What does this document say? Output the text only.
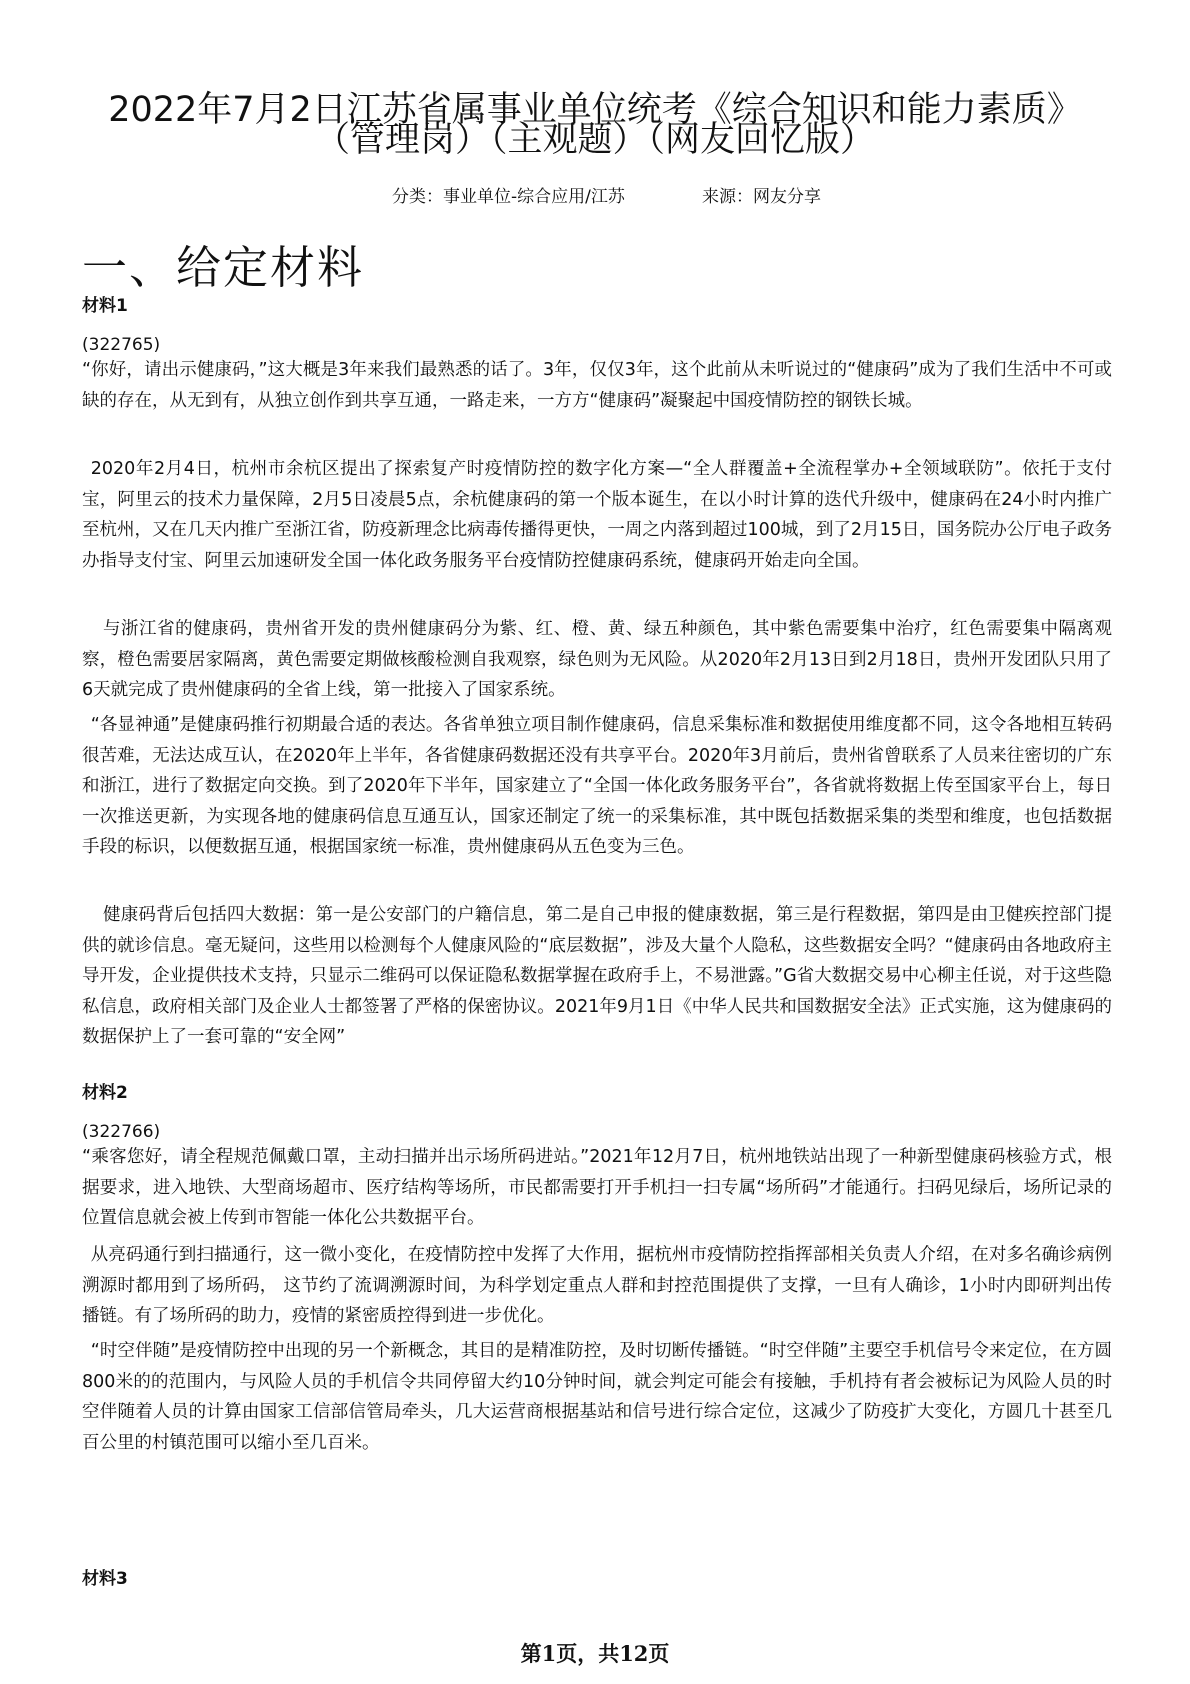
2022年7月2日江苏省属事业单位统考《综合知识和能力素质》
（管理岗）（主观题）（网友回忆版）
分类：事业单位-综合应用/江苏	来源：网友分享
一、给定材料
材料1
(322765)
“你好，请出示健康码，”这大概是3年来我们最熟悉的话了。3年，仅仅3年，这个此前从未听说过的“健康码”成为了我们生活中不可或缺的存在，从无到有，从独立创作到共享互通，一路走来，一方方“健康码”凝聚起中国疫情防控的钢铁长城。
2020年2月4日，杭州市余杭区提出了探索复产时疫情防控的数字化方案—“全人群覆盖+全流程掌办+全领域联防”。依托于支付宝，阿里云的技术力量保障，2月5日凌晨5点，余杭健康码的第一个版本诞生，在以小时计算的迭代升级中，健康码在24小时内推广至杭州，又在几天内推广至浙江省，防疫新理念比病毒传播得更快，一周之内落到超过100城，到了2月15日，国务院办公厅电子政务办指导支付宝、阿里云加速研发全国一体化政务服务平台疫情防控健康码系统，健康码开始走向全国。
与浙江省的健康码，贵州省开发的贵州健康码分为紫、红、橙、黄、绿五种颜色，其中紫色需要集中治疗，红色需要集中隔离观察，橙色需要居家隔离，黄色需要定期做核酸检测自我观察，绿色则为无风险。从2020年2月13日到2月18日，贵州开发团队只用了6天就完成了贵州健康码的全省上线，第一批接入了国家系统。
“各显神通”是健康码推行初期最合适的表达。各省单独立项目制作健康码，信息采集标准和数据使用维度都不同，这令各地相互转码很苦难，无法达成互认，在2020年上半年，各省健康码数据还没有共享平台。2020年3月前后，贵州省曾联系了人员来往密切的广东和浙江，进行了数据定向交换。到了2020年下半年，国家建立了“全国一体化政务服务平台”，各省就将数据上传至国家平台上，每日一次推送更新，为实现各地的健康码信息互通互认，国家还制定了统一的采集标准，其中既包括数据采集的类型和维度，也包括数据手段的标识，以便数据互通，根据国家统一标准，贵州健康码从五色变为三色。
健康码背后包括四大数据：第一是公安部门的户籍信息，第二是自己申报的健康数据，第三是行程数据，第四是由卫健疾控部门提供的就诊信息。毫无疑问，这些用以检测每个人健康风险的“底层数据”，涉及大量个人隐私，这些数据安全吗？“健康码由各地政府主导开发，企业提供技术支持，只显示二维码可以保证隐私数据掌握在政府手上，不易泄露。”G省大数据交易中心柳主任说，对于这些隐私信息，政府相关部门及企业人士都签署了严格的保密协议。2021年9月1日《中华人民共和国数据安全法》正式实施，这为健康码的数据保护上了一套可靠的“安全网”
材料2
(322766)
“乘客您好，请全程规范佩戴口罩，主动扫描并出示场所码进站。”2021年12月7日，杭州地铁站出现了一种新型健康码核验方式，根据要求，进入地铁、大型商场超市、医疗结构等场所，市民都需要打开手机扫一扫专属“场所码”才能通行。扫码见绿后，场所记录的位置信息就会被上传到市智能一体化公共数据平台。
从亮码通行到扫描通行，这一微小变化，在疫情防控中发挥了大作用，据杭州市疫情防控指挥部相关负责人介绍，在对多名确诊病例溯源时都用到了场所码， 这节约了流调溯源时间，为科学划定重点人群和封控范围提供了支撑，一旦有人确诊，1小时内即研判出传播链。有了场所码的助力，疫情的紧密质控得到进一步优化。
“时空伴随”是疫情防控中出现的另一个新概念，其目的是精准防控，及时切断传播链。“时空伴随”主要空手机信号令来定位，在方圆800米的的范围内，与风险人员的手机信令共同停留大约10分钟时间，就会判定可能会有接触，手机持有者会被标记为风险人员的时空伴随着人员的计算由国家工信部信管局牵头，几大运营商根据基站和信号进行综合定位，这减少了防疫扩大变化，方圆几十甚至几百公里的村镇范围可以缩小至几百米。
材料3
第1页，共12页
